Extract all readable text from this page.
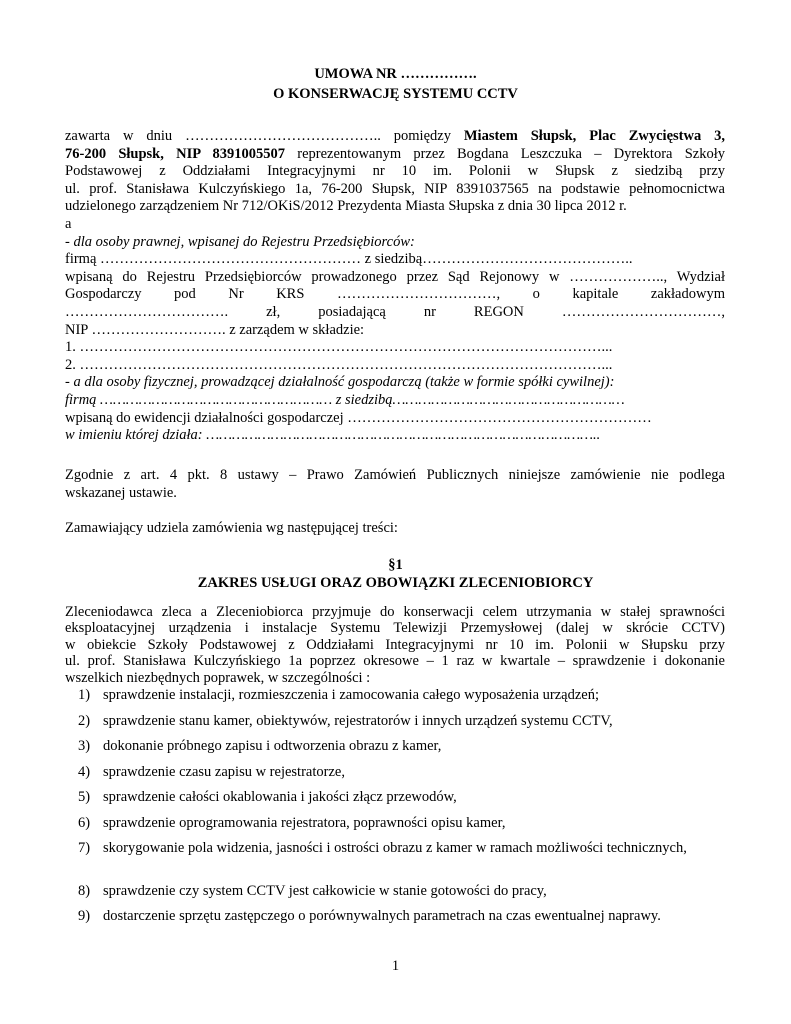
UMOWA NR …………….
O KONSERWACJĘ SYSTEMU CCTV
zawarta w dniu ………………………………….. pomiędzy Miastem Słupsk, Plac Zwycięstwa 3,
76-200 Słupsk, NIP 8391005507 reprezentowanym przez Bogdana Leszczuka – Dyrektora Szkoły
Podstawowej z Oddziałami Integracyjnymi nr 10 im. Polonii w Słupsk z siedzibą przy
ul. prof. Stanisława Kulczyńskiego 1a, 76-200 Słupsk, NIP 8391037565 na podstawie pełnomocnictwa
udzielonego zarządzeniem Nr 712/OKiS/2012 Prezydenta Miasta Słupska z dnia 30 lipca 2012 r.
a
- dla osoby prawnej, wpisanej do Rejestru Przedsiębiorców:
firmą ……………………………………………… z siedzibą……………………………………..
wpisaną do Rejestru Przedsiębiorców prowadzonego przez Sąd Rejonowy w ……………….., Wydział
Gospodarczy pod Nr KRS ……………………………, o kapitale zakładowym
……………………………. zł, posiadającą nr REGON ……………………………,
NIP ………………………. z zarządem w składzie:
1. ………………………………………………………………………………………………...
2. ………………………………………………………………………………………………...
- a dla osoby fizycznej, prowadzącej działalność gospodarczą (także w formie spółki cywilnej):
firmą ……………………………………………… z siedzibą………………………………………………
wpisaną do ewidencji działalności gospodarczej ………………………………………………………
w imieniu której działa: ………………………………………………………………………………..
Zgodnie z art. 4 pkt. 8 ustawy – Prawo Zamówień Publicznych niniejsze zamówienie nie podlega
wskazanej ustawie.
Zamawiający udziela zamówienia wg następującej treści:
§1
ZAKRES USŁUGI ORAZ OBOWIĄZKI ZLECENIOBIORCY
Zleceniodawca zleca a Zleceniobiorca przyjmuje do konserwacji celem utrzymania w stałej sprawności
eksploatacyjnej urządzenia i instalacje Systemu Telewizji Przemysłowej (dalej w skrócie CCTV)
w obiekcie Szkoły Podstawowej z Oddziałami Integracyjnymi nr 10 im. Polonii w Słupsku przy
ul. prof. Stanisława Kulczyńskiego 1a poprzez okresowe – 1 raz w kwartale – sprawdzenie i dokonanie
wszelkich niezbędnych poprawek, w szczególności :
1) sprawdzenie instalacji, rozmieszczenia i zamocowania całego wyposażenia urządzeń;
2) sprawdzenie stanu kamer, obiektywów, rejestratorów i innych urządzeń systemu CCTV,
3) dokonanie próbnego zapisu i odtworzenia obrazu z kamer,
4) sprawdzenie czasu zapisu w rejestratorze,
5) sprawdzenie całości okablowania i jakości złącz przewodów,
6) sprawdzenie oprogramowania rejestratora, poprawności opisu kamer,
7) skorygowanie pola widzenia, jasności i ostrości obrazu z kamer w ramach możliwości technicznych,
8) sprawdzenie czy system CCTV jest całkowicie w stanie gotowości do pracy,
9) dostarczenie sprzętu zastępczego o porównywalnych parametrach na czas ewentualnej naprawy.
1
